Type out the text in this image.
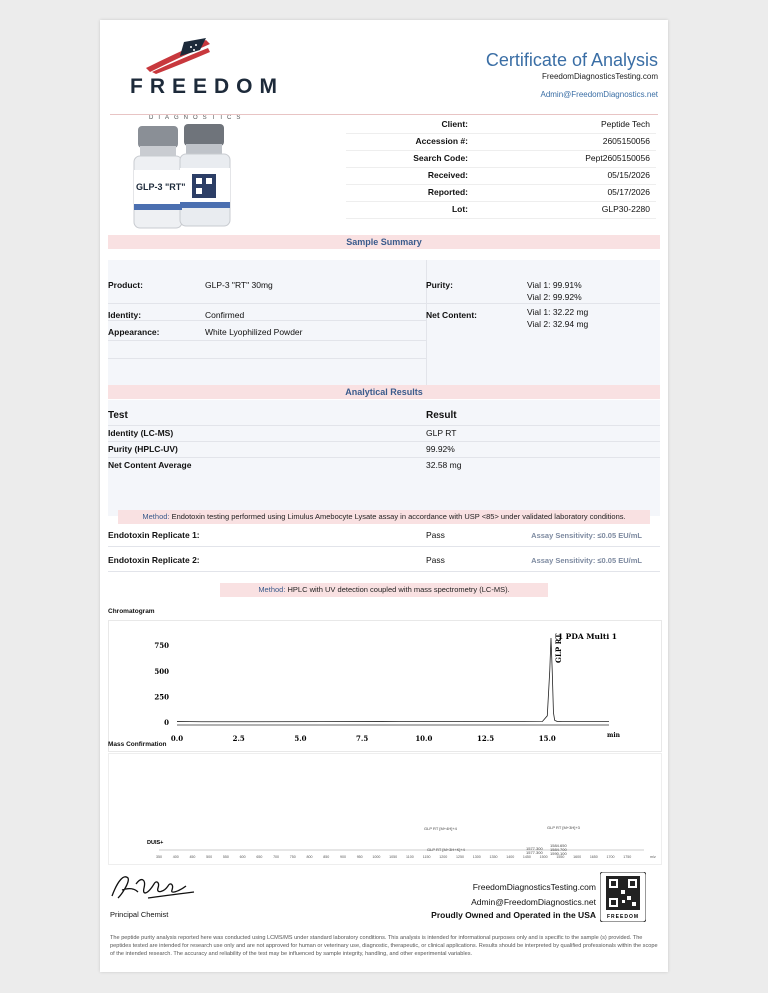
FREEDOM
DIAGNOSTICS
Certificate of Analysis
FreedomDiagnosticsTesting.com
Admin@FreedomDiagnostics.net
GLP-3 "RT"
Client:	Peptide Tech
Accession #:	2605150056
Search Code:	Pept2605150056
Received:	05/15/2026
Reported:	05/17/2026
Lot:	GLP30-2280
Sample Summary
Product:	GLP-3 "RT" 30mg
Identity:	Confirmed
Appearance:	White Lyophilized Powder
Purity:	Vial 1: 99.91%
Vial 2: 99.92%
Net Content:	Vial 1: 32.22 mg
Vial 2: 32.94 mg
Analytical Results
Test	Result
Identity (LC-MS)	GLP RT
Purity (HPLC-UV)	99.92%
Net Content Average	32.58 mg
Method: Endotoxin testing performed using Limulus Amebocyte Lysate assay in accordance with USP <85> under validated laboratory conditions.
Endotoxin Replicate 1:	Pass	Assay Sensitivity: ≤0.05 EU/mL
Endotoxin Replicate 2:	Pass	Assay Sensitivity: ≤0.05 EU/mL
Method: HPLC with UV detection coupled with mass spectrometry (LC-MS).
Chromatogram
0
250
500
750
0.0	2.5	5.0	7.5	10.0	12.5	15.0	min
1 PDA Multi 1
GLP RT
Mass Confirmation
350	400	450	500	550	600	650	700	750	800	850	900	950	1000 1050 1100 1150 1200 1250 1300 1350 1400 1450 1500 1550 1600 1650 1700 1750	m/z
DUIS+
GLP RT [M+4H]+4
GLP RT [M+3H+K]+4
GLP RT [M+3H]+3
1577.300
1577.300
1584.650
1584.700
1590.100
Principal Chemist
FreedomDiagnosticsTesting.com
Admin@FreedomDiagnostics.net
Proudly Owned and Operated in the USA FREEDOM
The peptide purity analysis reported here was conducted using LCMS/MS under standard laboratory conditions. This analysis is intended for informational purposes only and is specific to the sample (s) provided. The peptides tested are intended for research use only and are not approved for human or veterinary use, diagnostic, therapeutic, or clinical applications. Results should be interpreted by qualified professionals within the scope of the intended research. The accuracy and reliability of the test may be influenced by sample integrity, handling, and other experimental variables.
